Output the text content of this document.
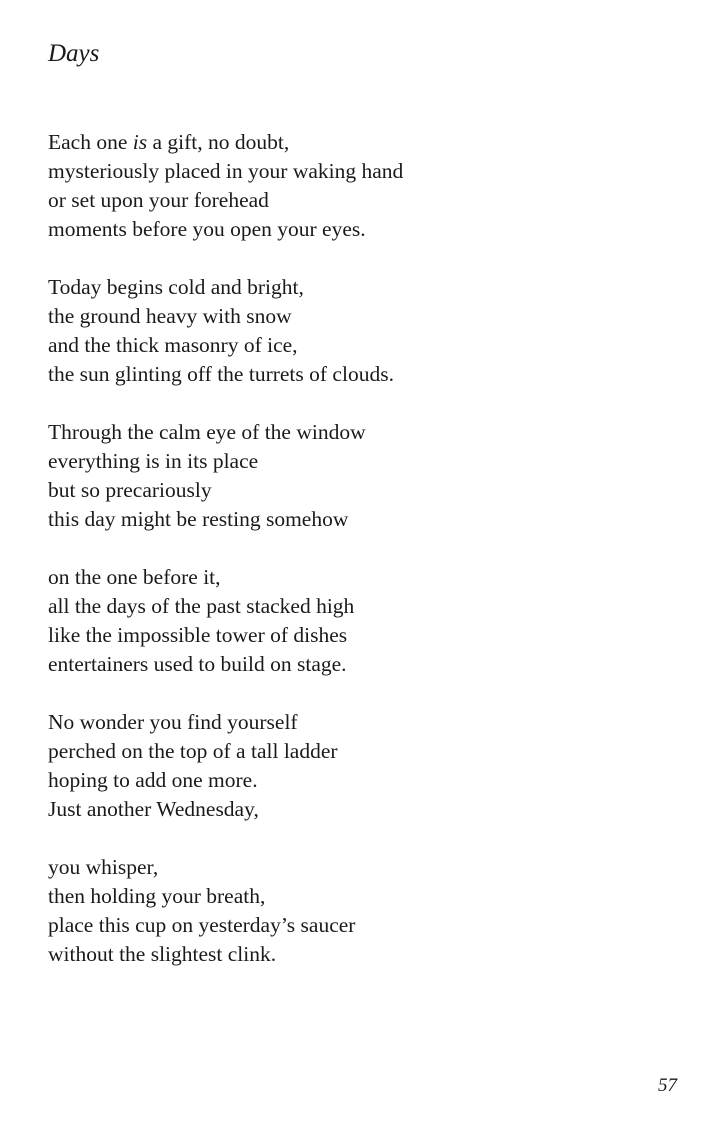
Days
Each one is a gift, no doubt,
mysteriously placed in your waking hand
or set upon your forehead
moments before you open your eyes.
Today begins cold and bright,
the ground heavy with snow
and the thick masonry of ice,
the sun glinting off the turrets of clouds.
Through the calm eye of the window
everything is in its place
but so precariously
this day might be resting somehow
on the one before it,
all the days of the past stacked high
like the impossible tower of dishes
entertainers used to build on stage.
No wonder you find yourself
perched on the top of a tall ladder
hoping to add one more.
Just another Wednesday,
you whisper,
then holding your breath,
place this cup on yesterday’s saucer
without the slightest clink.
57
